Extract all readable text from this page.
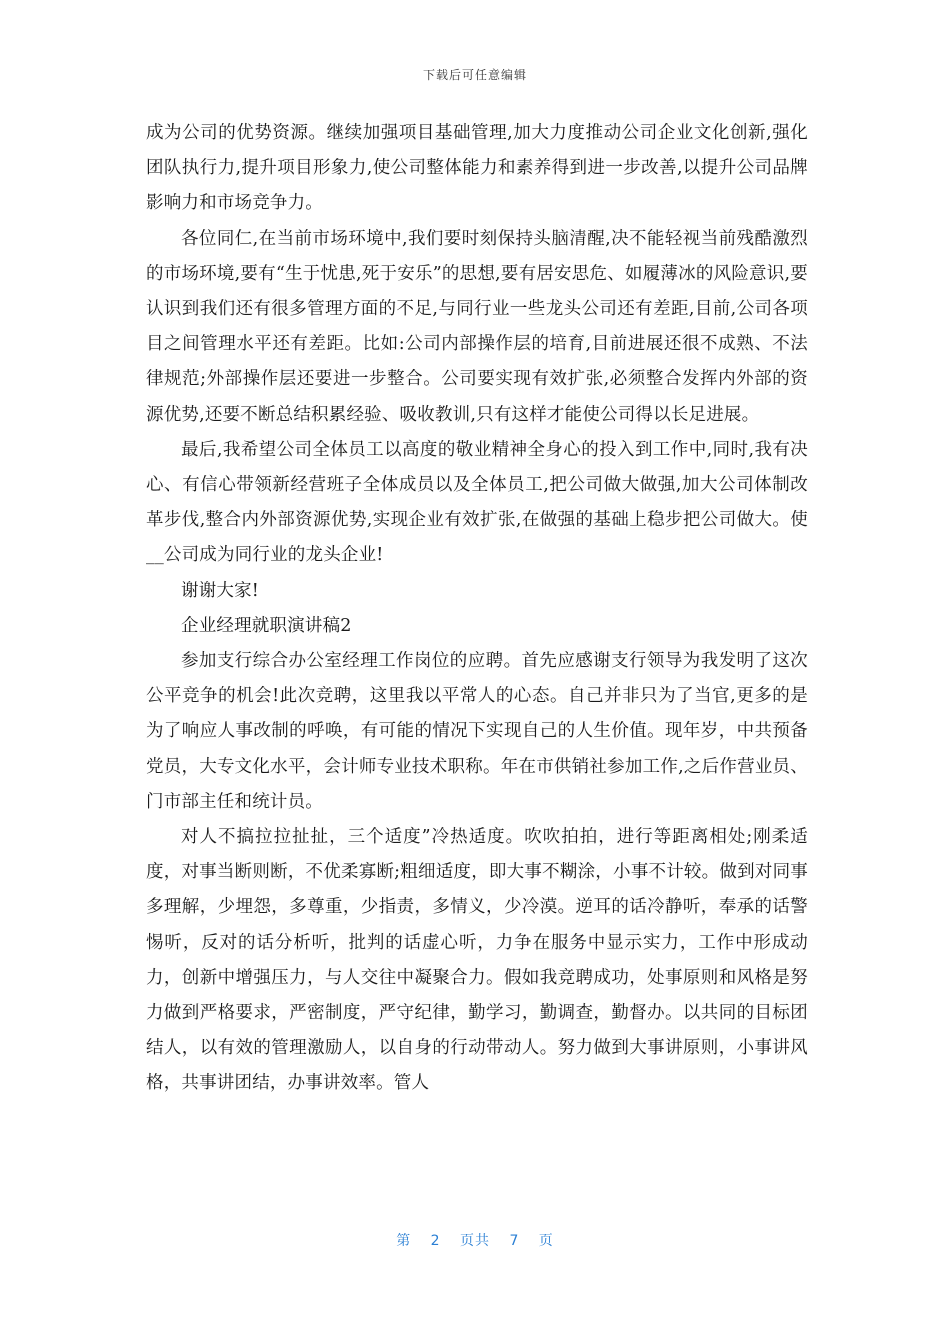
下载后可任意编辑

成为公司的优势资源。继续加强项目基础管理,加大力度推动公司企业文化创新,强化团队执行力,提升项目形象力,使公司整体能力和素养得到进一步改善,以提升公司品牌影响力和市场竞争力。

各位同仁,在当前市场环境中,我们要时刻保持头脑清醒,决不能轻视当前残酷激烈的市场环境,要有“生于忧患,死于安乐”的思想,要有居安思危、如履薄冰的风险意识,要认识到我们还有很多管理方面的不足,与同行业一些龙头公司还有差距,目前,公司各项目之间管理水平还有差距。比如:公司内部操作层的培育,目前进展还很不成熟、不法律规范;外部操作层还要进一步整合。公司要实现有效扩张,必须整合发挥内外部的资源优势,还要不断总结积累经验、吸收教训,只有这样才能使公司得以长足进展。

最后,我希望公司全体员工以高度的敬业精神全身心的投入到工作中,同时,我有决心、有信心带领新经营班子全体成员以及全体员工,把公司做大做强,加大公司体制改革步伐,整合内外部资源优势,实现企业有效扩张,在做强的基础上稳步把公司做大。使__公司成为同行业的龙头企业!

谢谢大家!

企业经理就职演讲稿2

参加支行综合办公室经理工作岗位的应聘。首先应感谢支行领导为我发明了这次公平竞争的机会!此次竞聘，这里我以平常人的心态。自己并非只为了当官,更多的是为了响应人事改制的呼唤，有可能的情况下实现自己的人生价值。现年岁，中共预备党员，大专文化水平，会计师专业技术职称。年在市供销社参加工作,之后作营业员、门市部主任和统计员。

对人不搞拉拉扯扯，三个适度”冷热适度。吹吹拍拍，进行等距离相处;刚柔适度，对事当断则断，不优柔寡断;粗细适度，即大事不糊涂，小事不计较。做到对同事多理解，少埋怨，多尊重，少指责，多情义，少冷漠。逆耳的话冷静听，奉承的话警惕听，反对的话分析听，批判的话虚心听，力争在服务中显示实力，工作中形成动力，创新中增强压力，与人交往中凝聚合力。假如我竞聘成功，处事原则和风格是努力做到严格要求，严密制度，严守纪律，勤学习，勤调查，勤督办。以共同的目标团结人，以有效的管理激励人，以自身的行动带动人。努力做到大事讲原则，小事讲风格，共事讲团结，办事讲效率。管人

第 2 页共 7 页
